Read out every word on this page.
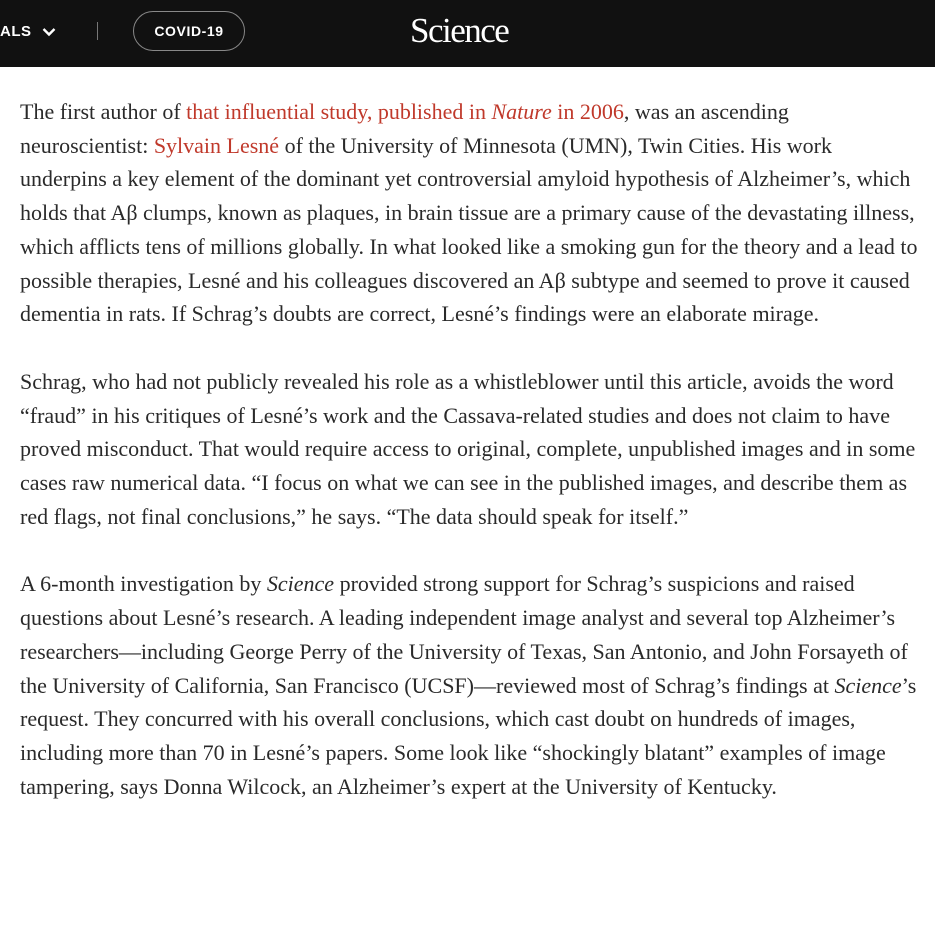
ALS	COVID-19	Science

The first author of that influential study, published in Nature in 2006, was an ascending neuroscientist: Sylvain Lesné of the University of Minnesota (UMN), Twin Cities. His work underpins a key element of the dominant yet controversial amyloid hypothesis of Alzheimer’s, which holds that Aβ clumps, known as plaques, in brain tissue are a primary cause of the devastating illness, which afflicts tens of millions globally. In what looked like a smoking gun for the theory and a lead to possible therapies, Lesné and his colleagues discovered an Aβ subtype and seemed to prove it caused dementia in rats. If Schrag’s doubts are correct, Lesné’s findings were an elaborate mirage.

Schrag, who had not publicly revealed his role as a whistleblower until this article, avoids the word “fraud” in his critiques of Lesné’s work and the Cassava-related studies and does not claim to have proved misconduct. That would require access to original, complete, unpublished images and in some cases raw numerical data. “I focus on what we can see in the published images, and describe them as red flags, not final conclusions,” he says. “The data should speak for itself.”

A 6-month investigation by Science provided strong support for Schrag’s suspicions and raised questions about Lesné’s research. A leading independent image analyst and several top Alzheimer’s researchers—including George Perry of the University of Texas, San Antonio, and John Forsayeth of the University of California, San Francisco (UCSF)—reviewed most of Schrag’s findings at Science’s request. They concurred with his overall conclusions, which cast doubt on hundreds of images, including more than 70 in Lesné’s papers. Some look like “shockingly blatant” examples of image tampering, says Donna Wilcock, an Alzheimer’s expert at the University of Kentucky.
